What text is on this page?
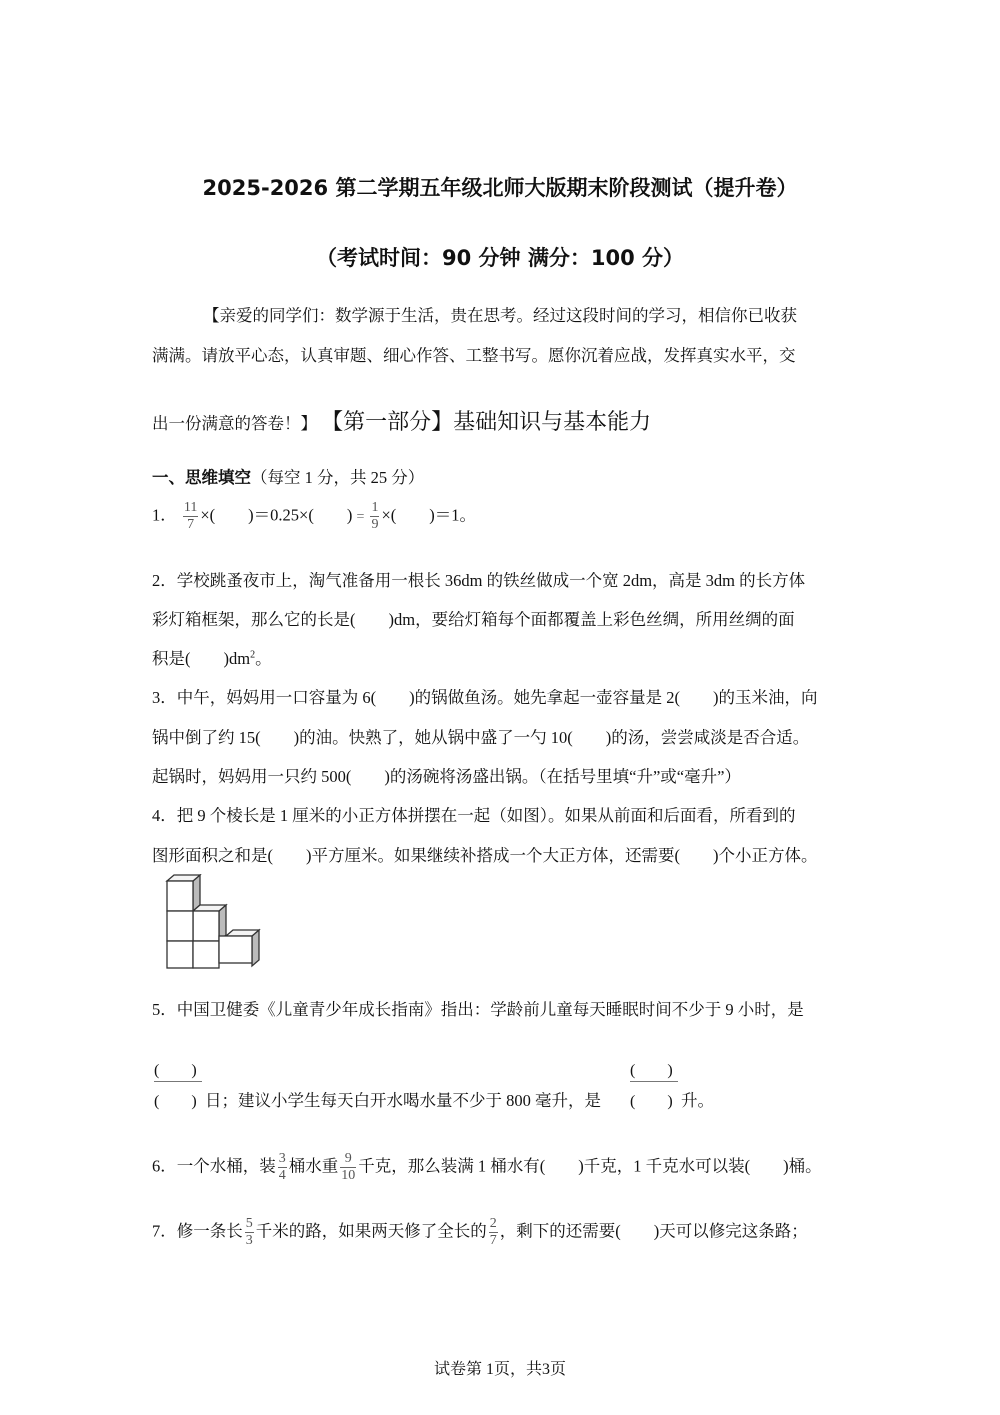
2025-2026 第二学期五年级北师大版期末阶段测试（提升卷）
（考试时间：90 分钟 满分：100 分）
【亲爱的同学们：数学源于生活，贵在思考。经过这段时间的学习，相信你已收获
满满。请放平心态，认真审题、细心作答、工整书写。愿你沉着应战，发挥真实水平，交
出一份满意的答卷！】 【第一部分】基础知识与基本能力
一、思维填空（每空 1 分，共 25 分）
1． $\frac{11}{7}$ ×(　　)＝0.25×(　　) = $\frac{1}{9}$ ×(　　)＝1。
2．学校跳蚤夜市上，淘气准备用一根长 36dm 的铁丝做成一个宽 2dm，高是 3dm 的长方体
彩灯箱框架，那么它的长是(　　)dm，要给灯箱每个面都覆盖上彩色丝绸，所用丝绸的面
积是(　　)$dm^2$。
3．中午，妈妈用一口容量为 6(　　)的锅做鱼汤。她先拿起一壶容量是 2(　　)的玉米油，向
锅中倒了约 15(　　)的油。快熟了，她从锅中盛了一勺 10(　　)的汤，尝尝咸淡是否合适。
起锅时，妈妈用一只约 500(　　)的汤碗将汤盛出锅。（在括号里填“升”或“毫升”）
4．把 9 个棱长是 1 厘米的小正方体拼摆在一起（如图）。如果从前面和后面看，所看到的
图形面积之和是(　　)平方厘米。如果继续补搭成一个大正方体，还需要(　　)个小正方体。
5．中国卫健委《儿童青少年成长指南》指出：学龄前儿童每天睡眠时间不少于 9 小时，是
(　　)
(　　) 日；建议小学生每天白开水喝水量不少于 800 毫升，是
(　　)
(　　) 升。
6．一个水桶，装 $\frac{3}{4}$ 桶水重 $\frac{9}{10}$ 千克，那么装满 1 桶水有(　　)千克，1 千克水可以装(　　)桶。
7．修一条长 $\frac{5}{3}$ 千米的路，如果两天修了全长的 $\frac{2}{7}$ ，剩下的还需要(　　)天可以修完这条路；
试卷第 1页，共3页
